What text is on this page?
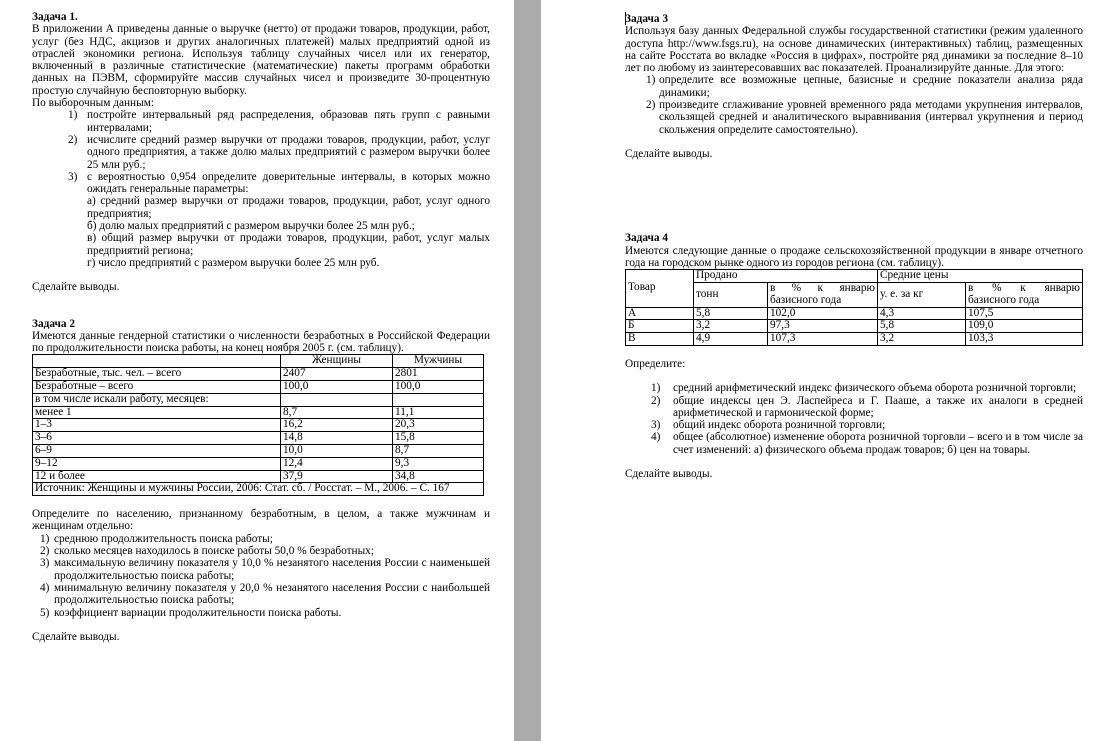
Задача 1.
В приложении А приведены данные о выручке (нетто) от продажи товаров, продукции, работ, услуг (без НДС, акцизов и других аналогичных платежей) малых предприятий одной из отраслей экономики региона. Используя таблицу случайных чисел или их генератор, включенный в различные статистические (математические) пакеты программ обработки данных на ПЭВМ, сформируйте массив случайных чисел и произведите 30-процентную простую случайную бесповторную выборку.
По выборочным данным:
1) постройте интервальный ряд распределения, образовав пять групп с равными интервалами;
2) исчислите средний размер выручки от продажи товаров, продукции, работ, услуг одного предприятия, а также долю малых предприятий с размером выручки более 25 млн руб.;
3) с вероятностью 0,954 определите доверительные интервалы, в которых можно ожидать генеральные параметры:
а) средний размер выручки от продажи товаров, продукции, работ, услуг одного предприятия;
б) долю малых предприятий с размером выручки более 25 млн руб.;
в) общий размер выручки от продажи товаров, продукции, работ, услуг малых предприятий региона;
г) число предприятий с размером выручки более 25 млн руб.
Сделайте выводы.
Задача 2
Имеются данные гендерной статистики о численности безработных в Российской Федерации по продолжительности поиска работы, на конец ноября 2005 г. (см. таблицу).
	Женщины	Мужчины
Безработные, тыс. чел. – всего	2407	2801
Безработные – всего	100,0	100,0
в том числе искали работу, месяцев:		
менее 1	8,7	11,1
1–3	16,2	20,3
3–6	14,8	15,8
6–9	10,0	8,7
9–12	12,4	9,3
12 и более	37,9	34,8
Источник: Женщины и мужчины России, 2006: Стат. сб. / Росстат. – М., 2006. – С. 167		
Определите по населению, признанному безработным, в целом, а также мужчинам и женщинам отдельно:
1) среднюю продолжительность поиска работы;
2) сколько месяцев находилось в поиске работы 50,0 % безработных;
3) максимальную величину показателя у 10,0 % незанятого населения России с наименьшей продолжительностью поиска работы;
4) минимальную величину показателя у 20,0 % незанятого населения России с наибольшей продолжительностью поиска работы;
5) коэффициент вариации продолжительности поиска работы.
Сделайте выводы.
Задача 3
Используя базу данных Федеральной службы государственной статистики (режим удаленного доступа http://www.fsgs.ru), на основе динамических (интерактивных) таблиц, размещенных на сайте Росстата во вкладке «Россия в цифрах», постройте ряд динамики за последние 8–10 лет по любому из заинтересовавших вас показателей. Проанализируйте данные. Для этого:
1) определите все возможные цепные, базисные и средние показатели анализа ряда динамики;
2) произведите сглаживание уровней временного ряда методами укрупнения интервалов, скользящей средней и аналитического выравнивания (интервал укрупнения и период скольжения определите самостоятельно).
Сделайте выводы.
Задача 4
Имеются следующие данные о продаже сельскохозяйственной продукции в январе отчетного года на городском рынке одного из городов региона (см. таблицу).
Товар	Продано		Средние цены	
	тонн	в % к январю базисного года	у. е. за кг	в % к январю базисного года
А	5,8	102,0	4,3	107,5
Б	3,2	97,3	5,8	109,0
В	4,9	107,3	3,2	103,3
Определите:
1)	средний арифметический индекс физического объема оборота розничной торговли;
2)	общие индексы цен Э. Ласпейреса и Г. Пааше, а также их аналоги в средней арифметической и гармонической форме;
3)	общий индекс оборота розничной торговли;
4)	общее (абсолютное) изменение оборота розничной торговли – всего и в том числе за счет изменений: а) физического объема продаж товаров; б) цен на товары.
Сделайте выводы.
